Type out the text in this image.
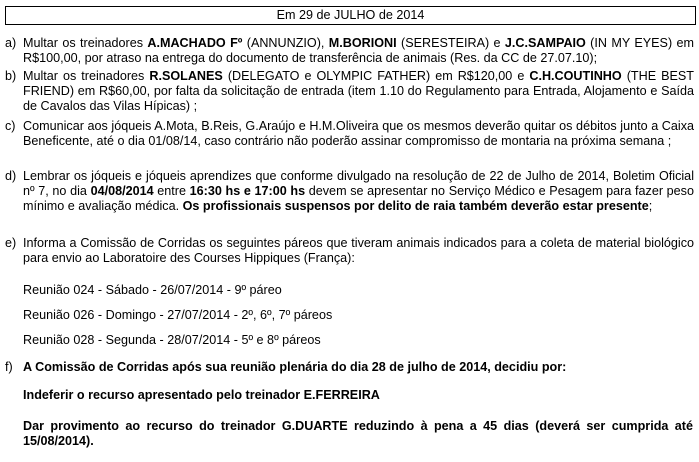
Em 29 de JULHO de 2014
a) Multar os treinadores A.MACHADO Fº (ANNUNZIO), M.BORIONI (SERESTEIRA) e J.C.SAMPAIO (IN MY EYES) em R$100,00, por atraso na entrega do documento de transferência de animais (Res. da CC de 27.07.10);
b) Multar os treinadores R.SOLANES (DELEGATO e OLYMPIC FATHER) em R$120,00 e C.H.COUTINHO (THE BEST FRIEND) em R$60,00, por falta da solicitação de entrada (item 1.10 do Regulamento para Entrada, Alojamento e Saída de Cavalos das Vilas Hípicas) ;
c) Comunicar aos jóqueis A.Mota, B.Reis, G.Araújo e H.M.Oliveira que os mesmos deverão quitar os débitos junto a Caixa Beneficente, até o dia 01/08/14, caso contrário não poderão assinar compromisso de montaria na próxima semana ;
d) Lembrar os jóqueis e jóqueis aprendizes que conforme divulgado na resolução de 22 de Julho de 2014, Boletim Oficial nº 7, no dia 04/08/2014 entre 16:30 hs e 17:00 hs devem se apresentar no Serviço Médico e Pesagem para fazer peso mínimo e avaliação médica. Os profissionais suspensos por delito de raia também deverão estar presente;
e) Informa a Comissão de Corridas os seguintes páreos que tiveram animais indicados para a coleta de material biológico para envio ao Laboratoire des Courses Hippiques (França):
Reunião 024 - Sábado - 26/07/2014 - 9º páreo
Reunião 026 - Domingo - 27/07/2014 - 2º, 6º, 7º páreos
Reunião 028 - Segunda - 28/07/2014 - 5º e 8º páreos
f) A Comissão de Corridas após sua reunião plenária do dia 28 de julho de 2014, decidiu por:
Indeferir o recurso apresentado pelo treinador E.FERREIRA
Dar provimento ao recurso do treinador G.DUARTE reduzindo à pena a 45 dias (deverá ser cumprida até 15/08/2014).
